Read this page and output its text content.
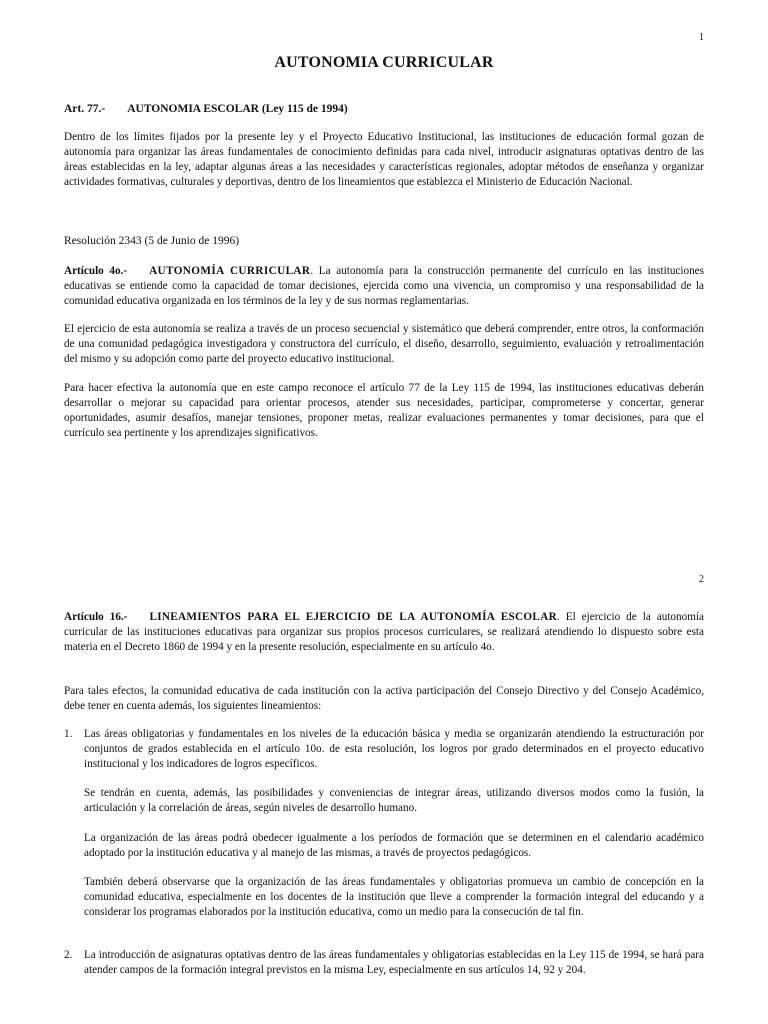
1
AUTONOMIA CURRICULAR
Art. 77.- AUTONOMIA ESCOLAR (Ley 115 de 1994)
Dentro de los límites fijados por la presente ley y el Proyecto Educativo Institucional, las instituciones de educación formal gozan de autonomía para organizar las áreas fundamentales de conocimiento definidas para cada nivel, introducir asignaturas optativas dentro de las áreas establecidas en la ley, adaptar algunas áreas a las necesidades y características regionales, adoptar métodos de enseñanza y organizar actividades formativas, culturales y deportivas, dentro de los lineamientos que establezca el Ministerio de Educación Nacional.
Resolución 2343 (5 de Junio de 1996)
Artículo 4o.- AUTONOMÍA CURRICULAR. La autonomía para la construcción permanente del currículo en las instituciones educativas se entiende como la capacidad de tomar decisiones, ejercida como una vivencia, un compromiso y una responsabilidad de la comunidad educativa organizada en los términos de la ley y de sus normas reglamentarias.
El ejercicio de esta autonomía se realiza a través de un proceso secuencial y sistemático que deberá comprender, entre otros, la conformación de una comunidad pedagógica investigadora y constructora del currículo, el diseño, desarrollo, seguimiento, evaluación y retroalimentación del mismo y su adopción como parte del proyecto educativo institucional.
Para hacer efectiva la autonomía que en este campo reconoce el artículo 77 de la Ley 115 de 1994, las instituciones educativas deberán desarrollar o mejorar su capacidad para orientar procesos, atender sus necesidades, participar, comprometerse y concertar, generar oportunidades, asumir desafíos, manejar tensiones, proponer metas, realizar evaluaciones permanentes y tomar decisiones, para que el currículo sea pertinente y los aprendizajes significativos.
2
Artículo 16.- LINEAMIENTOS PARA EL EJERCICIO DE LA AUTONOMÍA ESCOLAR. El ejercicio de la autonomía curricular de las instituciones educativas para organizar sus propios procesos curriculares, se realizará atendiendo lo dispuesto sobre esta materia en el Decreto 1860 de 1994 y en la presente resolución, especialmente en su artículo 4o.
Para tales efectos, la comunidad educativa de cada institución con la activa participación del Consejo Directivo y del Consejo Académico, debe tener en cuenta además, los siguientes lineamientos:
1. Las áreas obligatorias y fundamentales en los niveles de la educación básica y media se organizarán atendiendo la estructuración por conjuntos de grados establecida en el artículo 10o. de esta resolución, los logros por grado determinados en el proyecto educativo institucional y los indicadores de logros específicos.
Se tendrán en cuenta, además, las posibilidades y conveniencias de integrar áreas, utilizando diversos modos como la fusión, la articulación y la correlación de áreas, según niveles de desarrollo humano.
La organización de las áreas podrá obedecer igualmente a los períodos de formación que se determinen en el calendario académico adoptado por la institución educativa y al manejo de las mismas, a través de proyectos pedagógicos.
También deberá observarse que la organización de las áreas fundamentales y obligatorias promueva un cambio de concepción en la comunidad educativa, especialmente en los docentes de la institución que lleve a comprender la formación integral del educando y a considerar los programas elaborados por la institución educativa, como un medio para la consecución de tal fin.
2. La introducción de asignaturas optativas dentro de las áreas fundamentales y obligatorias establecidas en la Ley 115 de 1994, se hará para atender campos de la formación integral previstos en la misma Ley, especialmente en sus artículos 14, 92 y 204.
